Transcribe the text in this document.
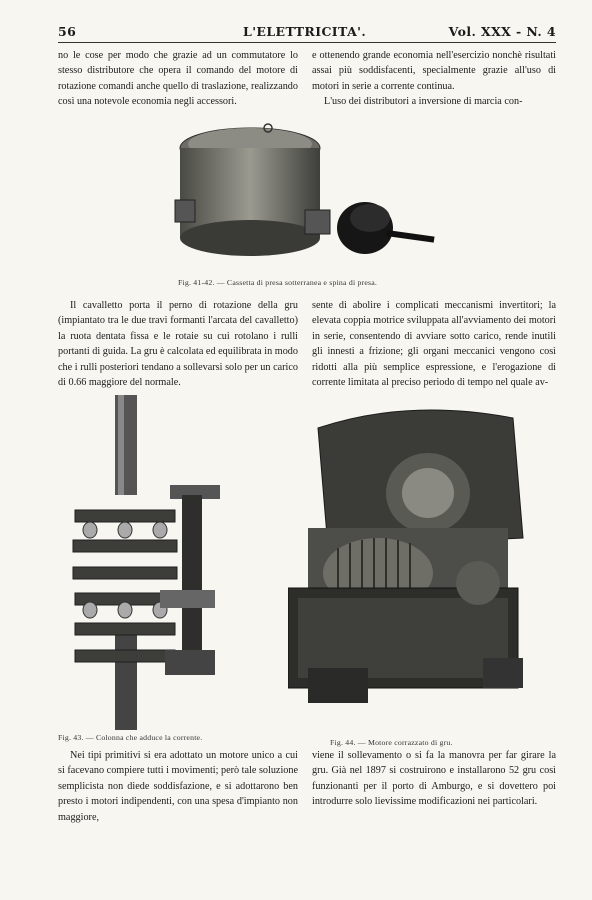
56	L'ELETTRICITA'.	Vol. XXX - N. 4

no le cose per modo che grazie ad un commutatore lo stesso distributore che opera il comando del motore di rotazione comandi anche quello di traslazione, realizzando così una notevole economia negli accessori.

e ottenendo grande economia nell'esercizio nonchè risultati assai più soddisfacenti, specialmente grazie all'uso di motori in serie a corrente continua.

L'uso dei distributori a inversione di marcia con-

Fig. 41-42. — Cassetta di presa sotterranea e spina di presa.

Il cavalletto porta il perno di rotazione della gru (impiantato tra le due travi formanti l'arcata del cavalletto) la ruota dentata fissa e le rotaie su cui rotolano i rulli portanti di guida. La gru è calcolata ed equilibrata in modo che i rulli posteriori tendano a sollevarsi solo per un carico di 0.66 maggiore del normale.

sente di abolire i complicati meccanismi invertitori; la elevata coppia motrice sviluppata all'avviamento dei motori in serie, consentendo di avviare sotto carico, rende inutili gli innesti a frizione; gli organi meccanici vengono così ridotti alla più semplice espressione, e l'erogazione di corrente limitata al preciso periodo di tempo nel quale av-

Fig. 43. — Colonna che adduce la corrente.
Fig. 44. — Motore corrazzato di gru.

Nei tipi primitivi si era adottato un motore unico a cui si facevano compiere tutti i movimenti; però tale soluzione semplicista non diede soddisfazione, e si adottarono ben presto i motori indipendenti, con una spesa d'impianto non maggiore,

viene il sollevamento o si fa la manovra per far girare la gru. Già nel 1897 si costruirono e installarono 52 gru così funzionanti per il porto di Amburgo, e si dovettero poi introdurre solo lievissime modificazioni nei particolari.
